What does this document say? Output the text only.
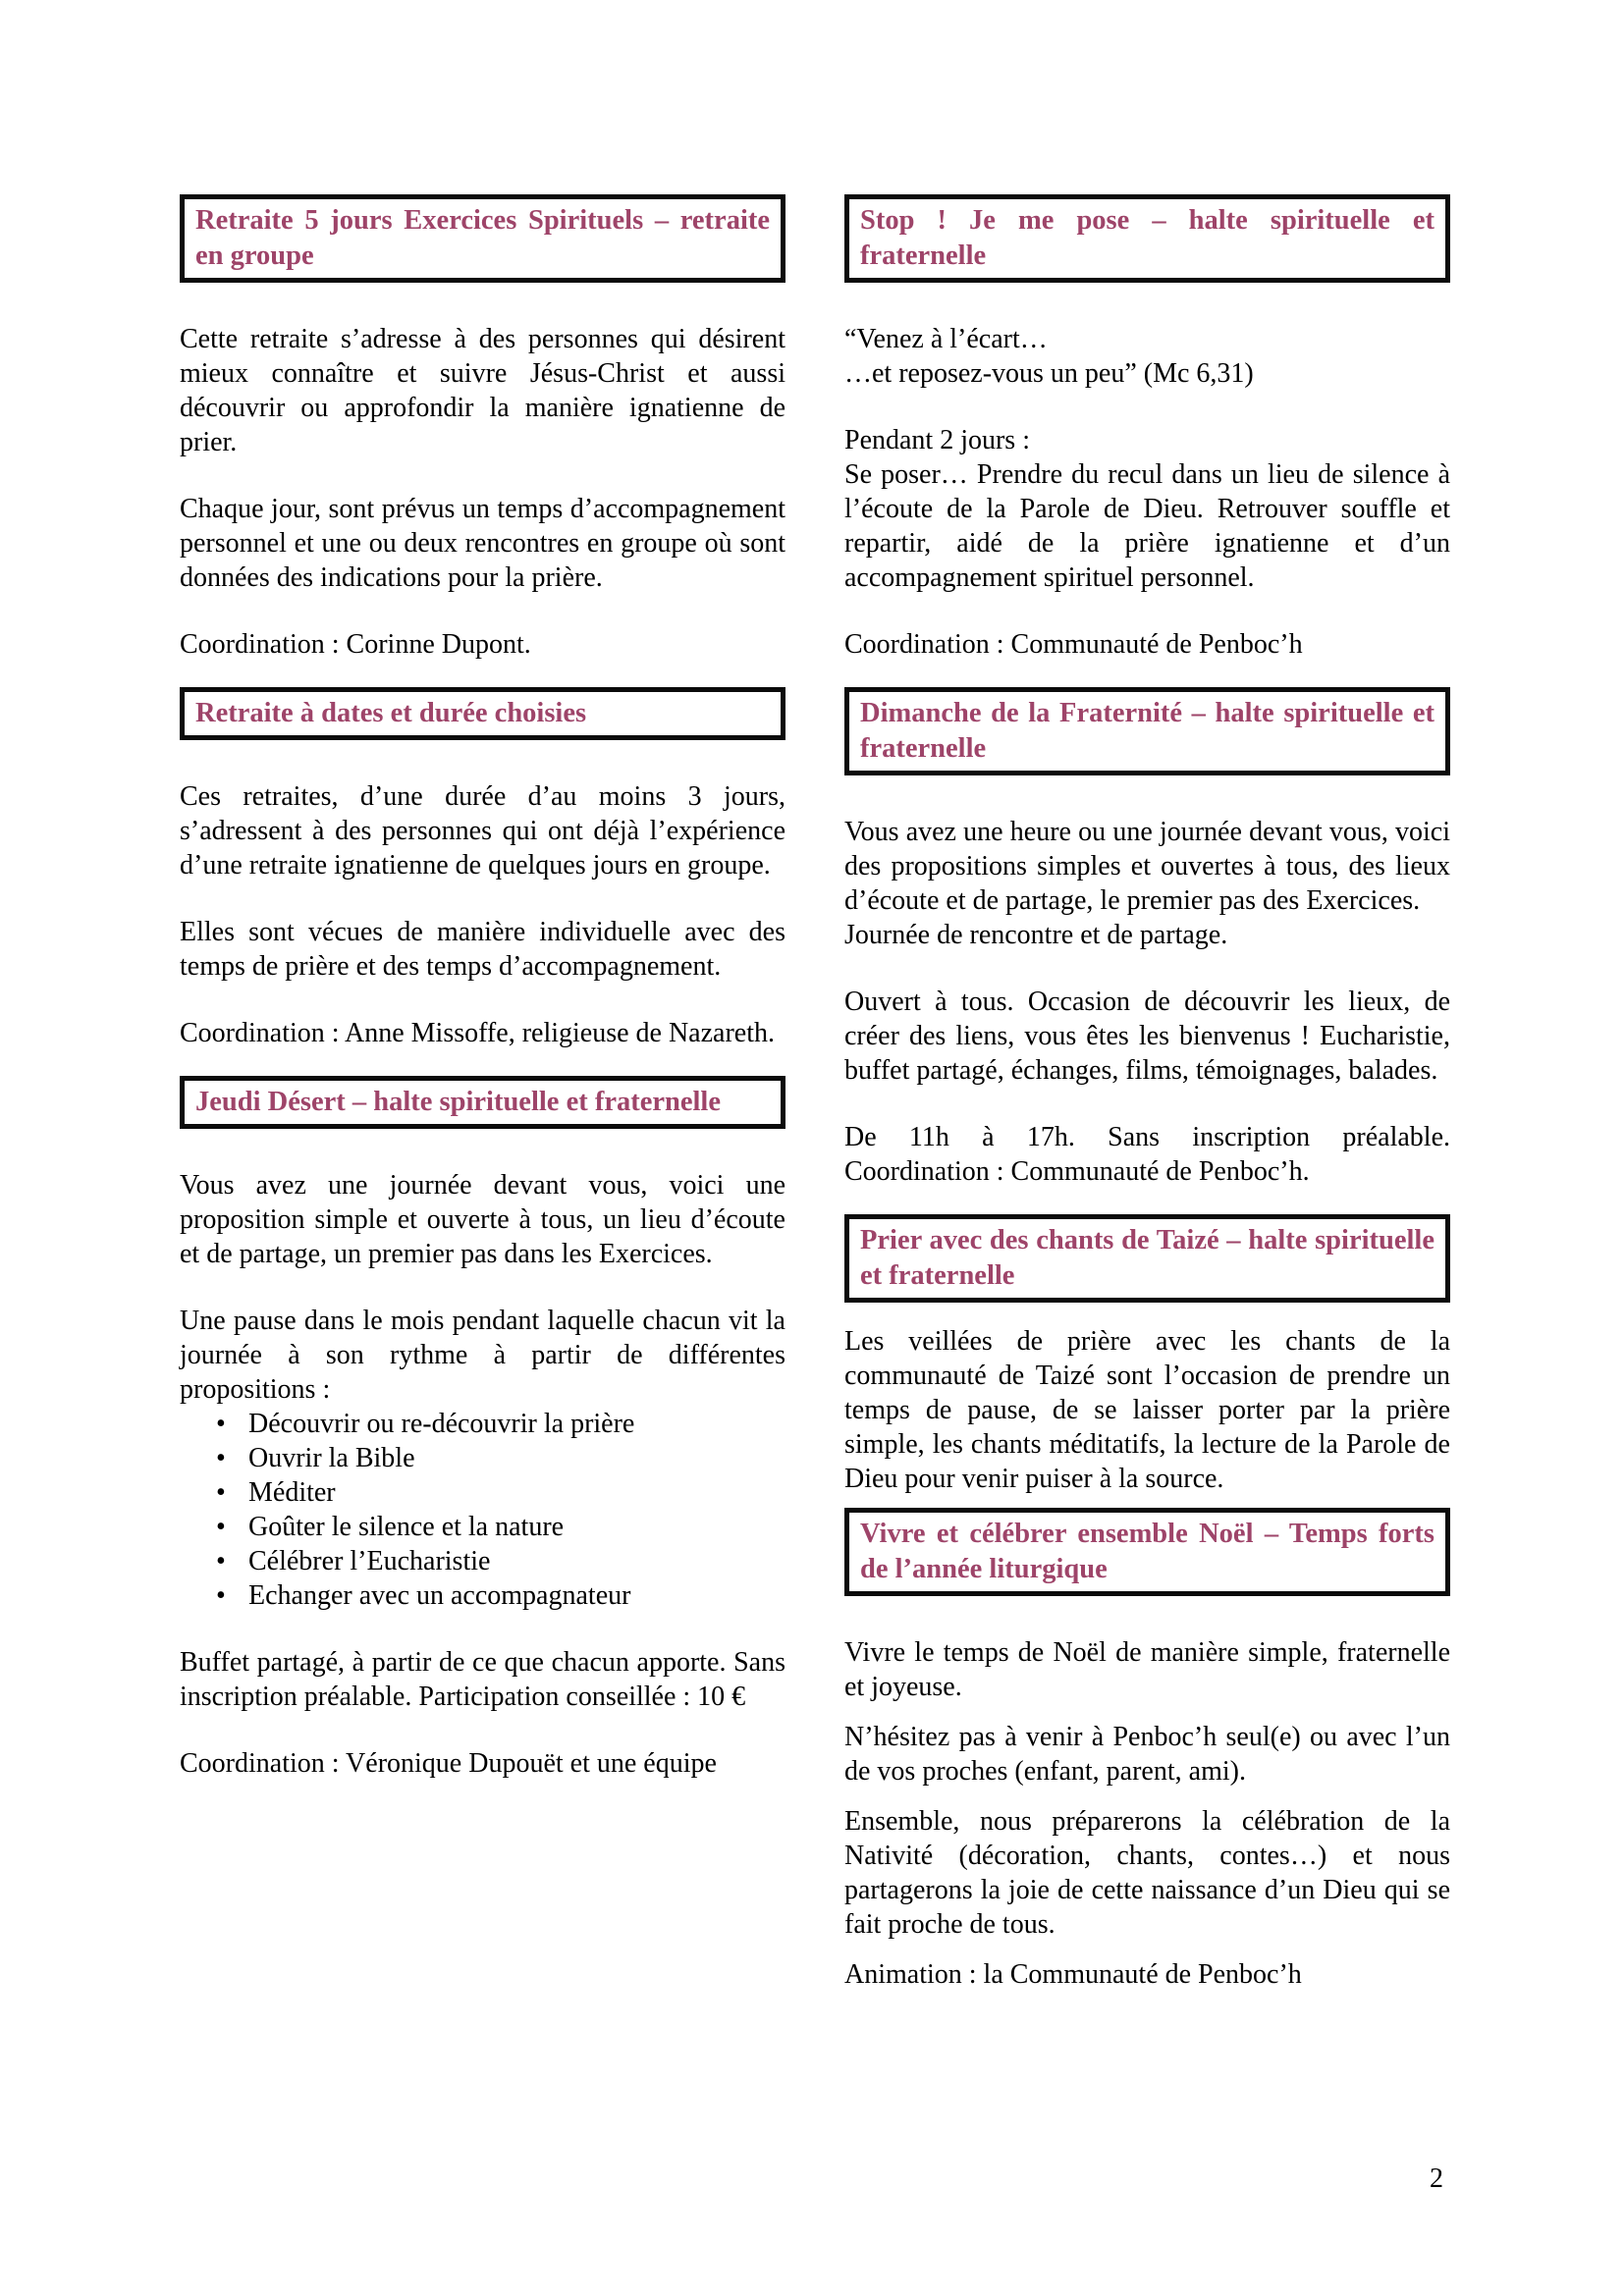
Retraite 5 jours Exercices Spirituels – retraite en groupe

Cette retraite s’adresse à des personnes qui désirent mieux connaître et suivre Jésus-Christ et aussi découvrir ou approfondir la manière ignatienne de prier.

Chaque jour, sont prévus un temps d’accompagnement personnel et une ou deux rencontres en groupe où sont données des indications pour la prière.

Coordination : Corinne Dupont.

Retraite à dates et durée choisies

Ces retraites, d’une durée d’au moins 3 jours, s’adressent à des personnes qui ont déjà l’expérience d’une retraite ignatienne de quelques jours en groupe.

Elles sont vécues de manière individuelle avec des temps de prière et des temps d’accompagnement.

Coordination : Anne Missoffe, religieuse de Nazareth.

Jeudi Désert – halte spirituelle et fraternelle

Vous avez une journée devant vous, voici une proposition simple et ouverte à tous, un lieu d’écoute et de partage, un premier pas dans les Exercices.

Une pause dans le mois pendant laquelle chacun vit la journée à son rythme à partir de différentes propositions :

• Découvrir ou re-découvrir la prière
• Ouvrir la Bible
• Méditer
• Goûter le silence et la nature
• Célébrer l’Eucharistie
• Echanger avec un accompagnateur

Buffet partagé, à partir de ce que chacun apporte. Sans inscription préalable. Participation conseillée : 10 €

Coordination : Véronique Dupouët et une équipe

Stop ! Je me pose – halte spirituelle et fraternelle

“Venez à l’écart…
…et reposez-vous un peu” (Mc 6,31)

Pendant 2 jours :
Se poser… Prendre du recul dans un lieu de silence à l’écoute de la Parole de Dieu. Retrouver souffle et repartir, aidé de la prière ignatienne et d’un accompagnement spirituel personnel.

Coordination : Communauté de Penboc’h

Dimanche de la Fraternité – halte spirituelle et fraternelle

Vous avez une heure ou une journée devant vous, voici des propositions simples et ouvertes à tous, des lieux d’écoute et de partage, le premier pas des Exercices.
Journée de rencontre et de partage.

Ouvert à tous. Occasion de découvrir les lieux, de créer des liens, vous êtes les bienvenus ! Eucharistie, buffet partagé, échanges, films, témoignages, balades.

De 11h à 17h. Sans inscription préalable. Coordination : Communauté de Penboc’h.

Prier avec des chants de Taizé – halte spirituelle et fraternelle

Les veillées de prière avec les chants de la communauté de Taizé sont l’occasion de prendre un temps de pause, de se laisser porter par la prière simple, les chants méditatifs, la lecture de la Parole de Dieu pour venir puiser à la source.

Vivre et célébrer ensemble Noël – Temps forts de l’année liturgique

Vivre le temps de Noël de manière simple, fraternelle et joyeuse.

N’hésitez pas à venir à Penboc’h seul(e) ou avec l’un de vos proches (enfant, parent, ami).

Ensemble, nous préparerons la célébration de la Nativité (décoration, chants, contes…) et nous partagerons la joie de cette naissance d’un Dieu qui se fait proche de tous.

Animation : la Communauté de Penboc’h

2
